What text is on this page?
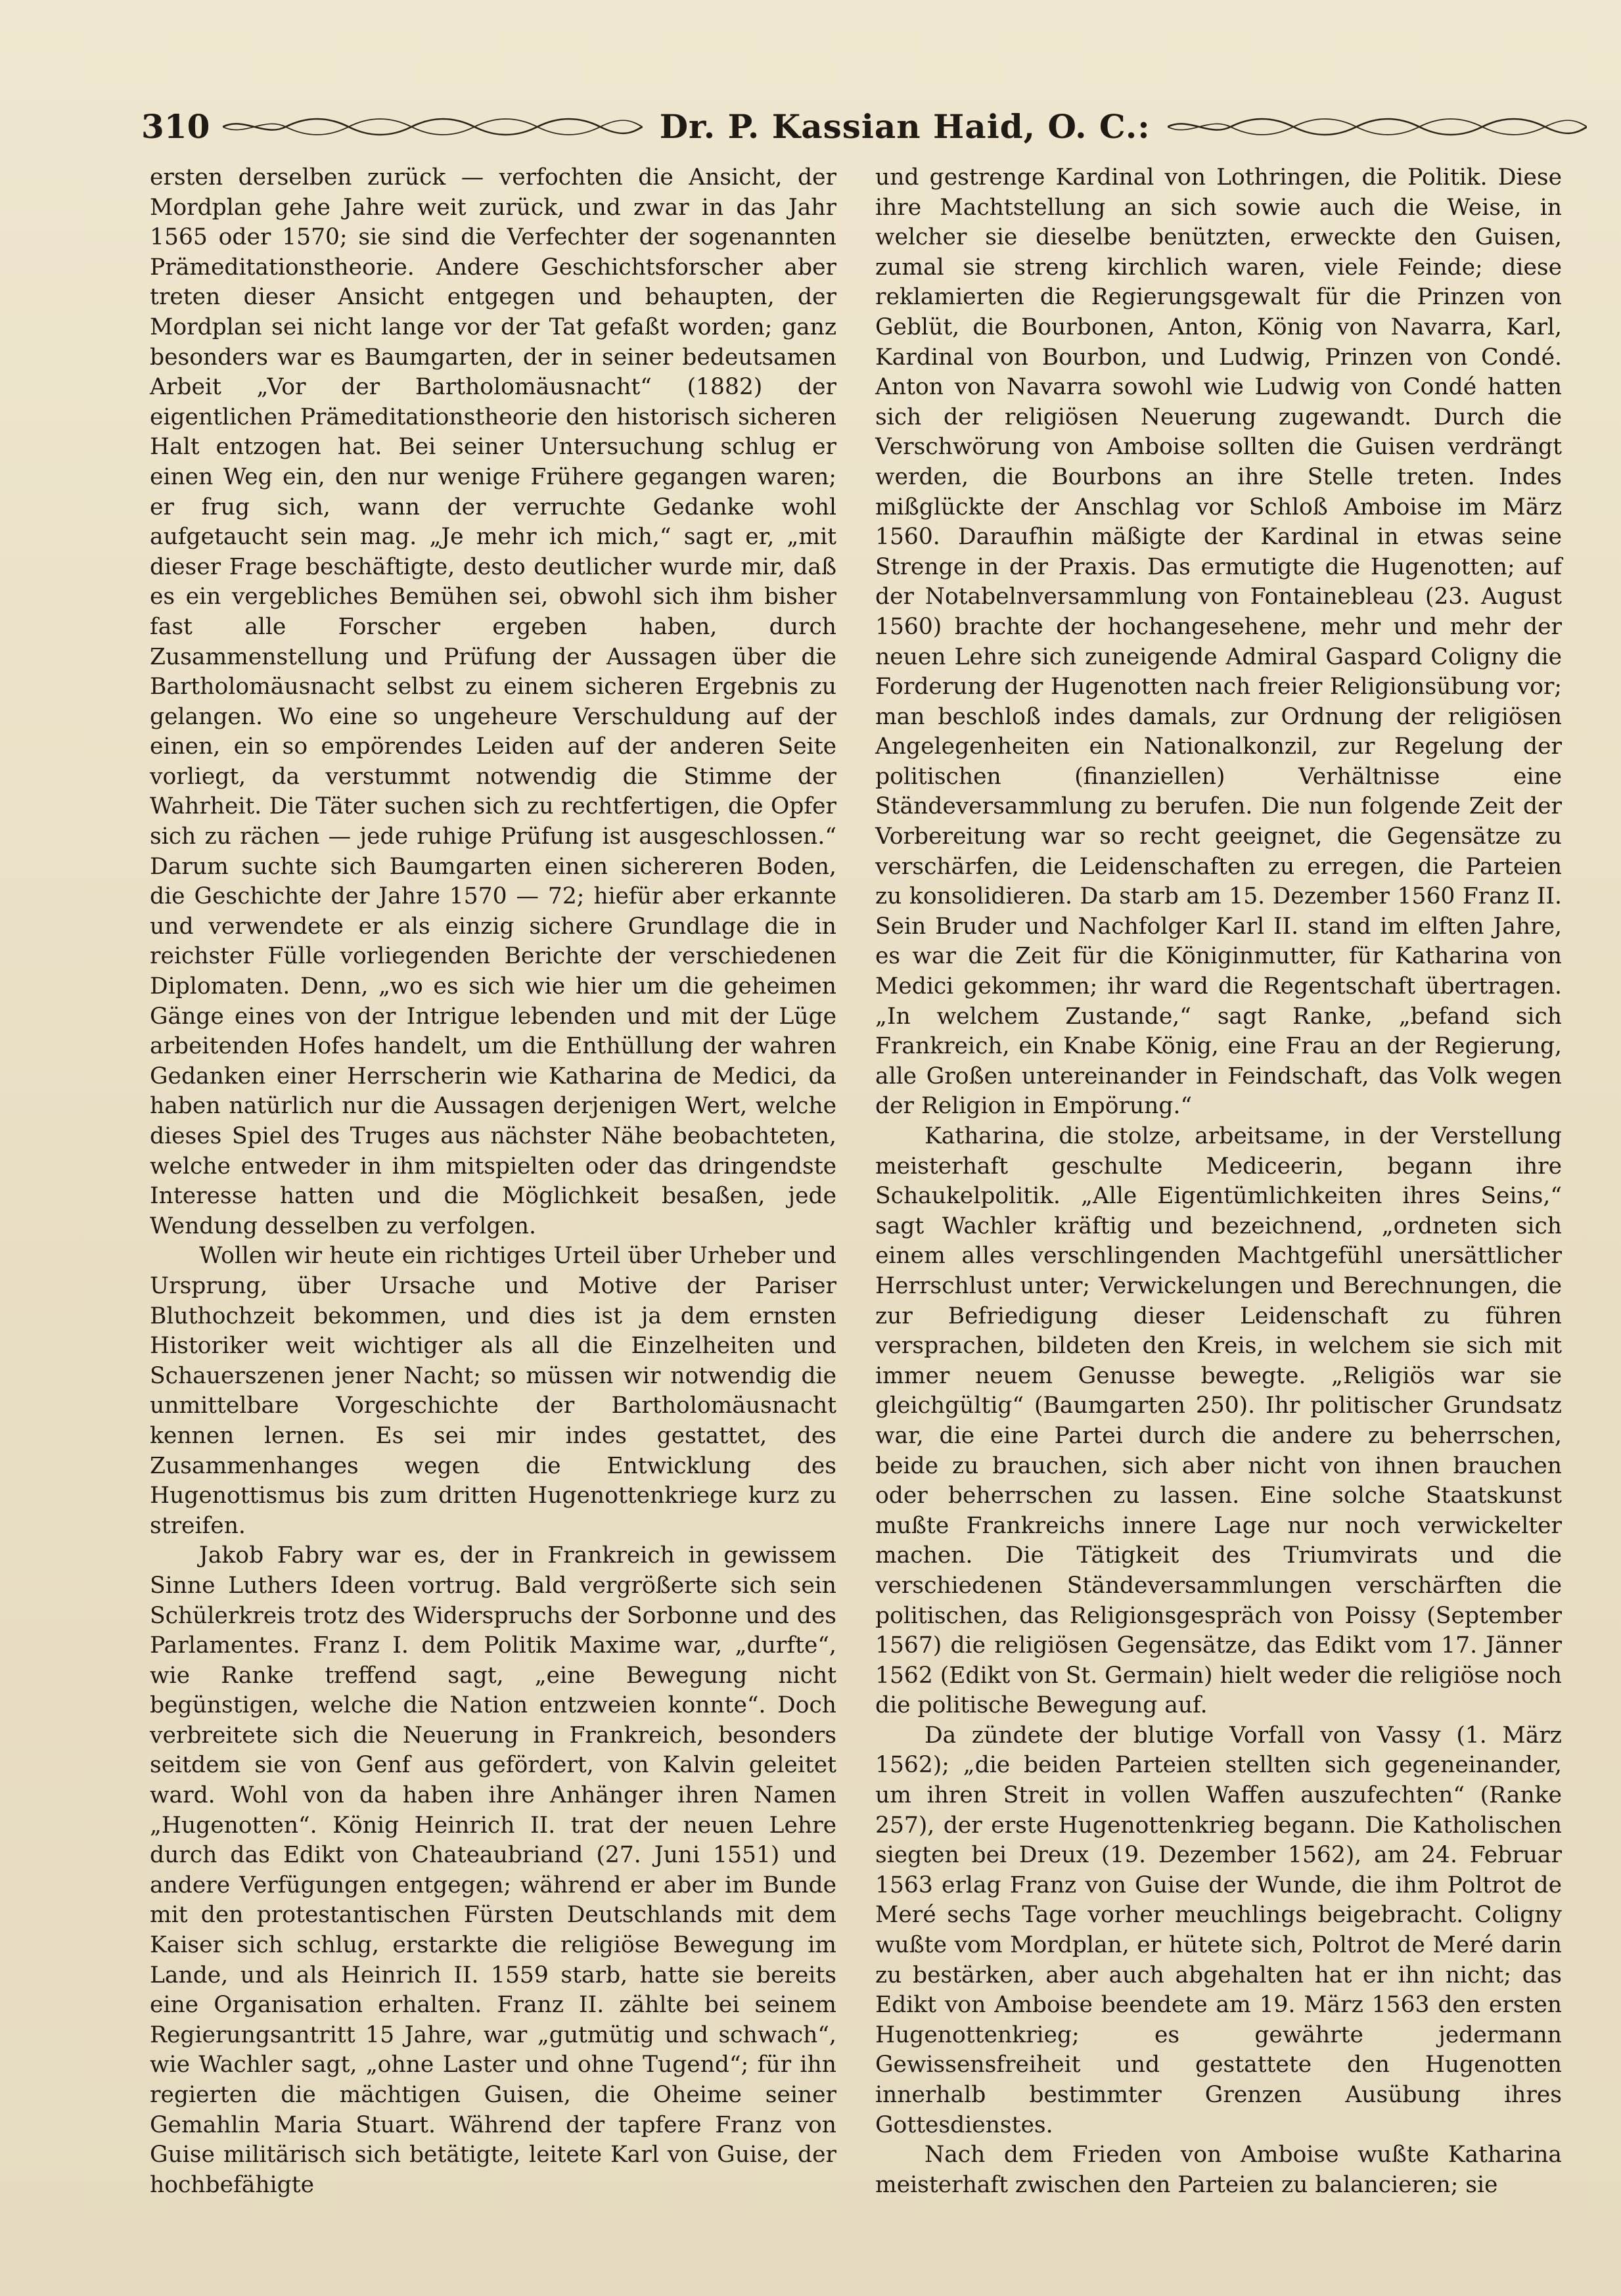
310	Dr. P. Kassian Haid, O. C.:

ersten derselben zurück — verfochten die Ansicht, der Mordplan gehe Jahre weit zurück, und zwar in das Jahr 1565 oder 1570; sie sind die Verfechter der sogenannten Prämeditationstheorie. Andere Geschichtsforscher aber treten dieser Ansicht entgegen und behaupten, der Mordplan sei nicht lange vor der Tat gefaßt worden; ganz besonders war es Baumgarten, der in seiner bedeutsamen Arbeit „Vor der Bartholomäusnacht“ (1882) der eigentlichen Prämeditationstheorie den historisch sicheren Halt entzogen hat. Bei seiner Untersuchung schlug er einen Weg ein, den nur wenige Frühere gegangen waren; er frug sich, wann der verruchte Gedanke wohl aufgetaucht sein mag. „Je mehr ich mich,“ sagt er, „mit dieser Frage beschäftigte, desto deutlicher wurde mir, daß es ein vergebliches Bemühen sei, obwohl sich ihm bisher fast alle Forscher ergeben haben, durch Zusammenstellung und Prüfung der Aussagen über die Bartholomäusnacht selbst zu einem sicheren Ergebnis zu gelangen. Wo eine so ungeheure Verschuldung auf der einen, ein so empörendes Leiden auf der anderen Seite vorliegt, da verstummt notwendig die Stimme der Wahrheit. Die Täter suchen sich zu rechtfertigen, die Opfer sich zu rächen — jede ruhige Prüfung ist ausgeschlossen.“ Darum suchte sich Baumgarten einen sichereren Boden, die Geschichte der Jahre 1570 — 72; hiefür aber erkannte und verwendete er als einzig sichere Grundlage die in reichster Fülle vorliegenden Berichte der verschiedenen Diplomaten. Denn, „wo es sich wie hier um die geheimen Gänge eines von der Intrigue lebenden und mit der Lüge arbeitenden Hofes handelt, um die Enthüllung der wahren Gedanken einer Herrscherin wie Katharina de Medici, da haben natürlich nur die Aussagen derjenigen Wert, welche dieses Spiel des Truges aus nächster Nähe beobachteten, welche entweder in ihm mitspielten oder das dringendste Interesse hatten und die Möglichkeit besaßen, jede Wendung desselben zu verfolgen.

Wollen wir heute ein richtiges Urteil über Urheber und Ursprung, über Ursache und Motive der Pariser Bluthochzeit bekommen, und dies ist ja dem ernsten Historiker weit wichtiger als all die Einzelheiten und Schauerszenen jener Nacht; so müssen wir notwendig die unmittelbare Vorgeschichte der Bartholomäusnacht kennen lernen. Es sei mir indes gestattet, des Zusammenhanges wegen die Entwicklung des Hugenottismus bis zum dritten Hugenottenkriege kurz zu streifen.

Jakob Fabry war es, der in Frankreich in gewissem Sinne Luthers Ideen vortrug. Bald vergrößerte sich sein Schülerkreis trotz des Widerspruchs der Sorbonne und des Parlamentes. Franz I. dem Politik Maxime war, „durfte“, wie Ranke treffend sagt, „eine Bewegung nicht begünstigen, welche die Nation entzweien konnte“. Doch verbreitete sich die Neuerung in Frankreich, besonders seitdem sie von Genf aus gefördert, von Kalvin geleitet ward. Wohl von da haben ihre Anhänger ihren Namen „Hugenotten“. König Heinrich II. trat der neuen Lehre durch das Edikt von Chateaubriand (27. Juni 1551) und andere Verfügungen entgegen; während er aber im Bunde mit den protestantischen Fürsten Deutschlands mit dem Kaiser sich schlug, erstarkte die religiöse Bewegung im Lande, und als Heinrich II. 1559 starb, hatte sie bereits eine Organisation erhalten. Franz II. zählte bei seinem Regierungsantritt 15 Jahre, war „gutmütig und schwach“, wie Wachler sagt, „ohne Laster und ohne Tugend“; für ihn regierten die mächtigen Guisen, die Oheime seiner Gemahlin Maria Stuart. Während der tapfere Franz von Guise militärisch sich betätigte, leitete Karl von Guise, der hochbefähigte

und gestrenge Kardinal von Lothringen, die Politik. Diese ihre Machtstellung an sich sowie auch die Weise, in welcher sie dieselbe benützten, erweckte den Guisen, zumal sie streng kirchlich waren, viele Feinde; diese reklamierten die Regierungsgewalt für die Prinzen von Geblüt, die Bourbonen, Anton, König von Navarra, Karl, Kardinal von Bourbon, und Ludwig, Prinzen von Condé. Anton von Navarra sowohl wie Ludwig von Condé hatten sich der religiösen Neuerung zugewandt. Durch die Verschwörung von Amboise sollten die Guisen verdrängt werden, die Bourbons an ihre Stelle treten. Indes mißglückte der Anschlag vor Schloß Amboise im März 1560. Daraufhin mäßigte der Kardinal in etwas seine Strenge in der Praxis. Das ermutigte die Hugenotten; auf der Notabelnversammlung von Fontainebleau (23. August 1560) brachte der hochangesehene, mehr und mehr der neuen Lehre sich zuneigende Admiral Gaspard Coligny die Forderung der Hugenotten nach freier Religionsübung vor; man beschloß indes damals, zur Ordnung der religiösen Angelegenheiten ein Nationalkonzil, zur Regelung der politischen (finanziellen) Verhältnisse eine Ständeversammlung zu berufen. Die nun folgende Zeit der Vorbereitung war so recht geeignet, die Gegensätze zu verschärfen, die Leidenschaften zu erregen, die Parteien zu konsolidieren. Da starb am 15. Dezember 1560 Franz II. Sein Bruder und Nachfolger Karl II. stand im elften Jahre, es war die Zeit für die Königinmutter, für Katharina von Medici gekommen; ihr ward die Regentschaft übertragen. „In welchem Zustande,“ sagt Ranke, „befand sich Frankreich, ein Knabe König, eine Frau an der Regierung, alle Großen untereinander in Feindschaft, das Volk wegen der Religion in Empörung.“

Katharina, die stolze, arbeitsame, in der Verstellung meisterhaft geschulte Mediceerin, begann ihre Schaukelpolitik. „Alle Eigentümlichkeiten ihres Seins,“ sagt Wachler kräftig und bezeichnend, „ordneten sich einem alles verschlingenden Machtgefühl unersättlicher Herrschlust unter; Verwickelungen und Berechnungen, die zur Befriedigung dieser Leidenschaft zu führen versprachen, bildeten den Kreis, in welchem sie sich mit immer neuem Genusse bewegte. „Religiös war sie gleichgültig“ (Baumgarten 250). Ihr politischer Grundsatz war, die eine Partei durch die andere zu beherrschen, beide zu brauchen, sich aber nicht von ihnen brauchen oder beherrschen zu lassen. Eine solche Staatskunst mußte Frankreichs innere Lage nur noch verwickelter machen. Die Tätigkeit des Triumvirats und die verschiedenen Ständeversammlungen verschärften die politischen, das Religionsgespräch von Poissy (September 1567) die religiösen Gegensätze, das Edikt vom 17. Jänner 1562 (Edikt von St. Germain) hielt weder die religiöse noch die politische Bewegung auf.

Da zündete der blutige Vorfall von Vassy (1. März 1562); „die beiden Parteien stellten sich gegeneinander, um ihren Streit in vollen Waffen auszufechten“ (Ranke 257), der erste Hugenottenkrieg begann. Die Katholischen siegten bei Dreux (19. Dezember 1562), am 24. Februar 1563 erlag Franz von Guise der Wunde, die ihm Poltrot de Meré sechs Tage vorher meuchlings beigebracht. Coligny wußte vom Mordplan, er hütete sich, Poltrot de Meré darin zu bestärken, aber auch abgehalten hat er ihn nicht; das Edikt von Amboise beendete am 19. März 1563 den ersten Hugenottenkrieg; es gewährte jedermann Gewissensfreiheit und gestattete den Hugenotten innerhalb bestimmter Grenzen Ausübung ihres Gottesdienstes.

Nach dem Frieden von Amboise wußte Katharina meisterhaft zwischen den Parteien zu balancieren; sie
